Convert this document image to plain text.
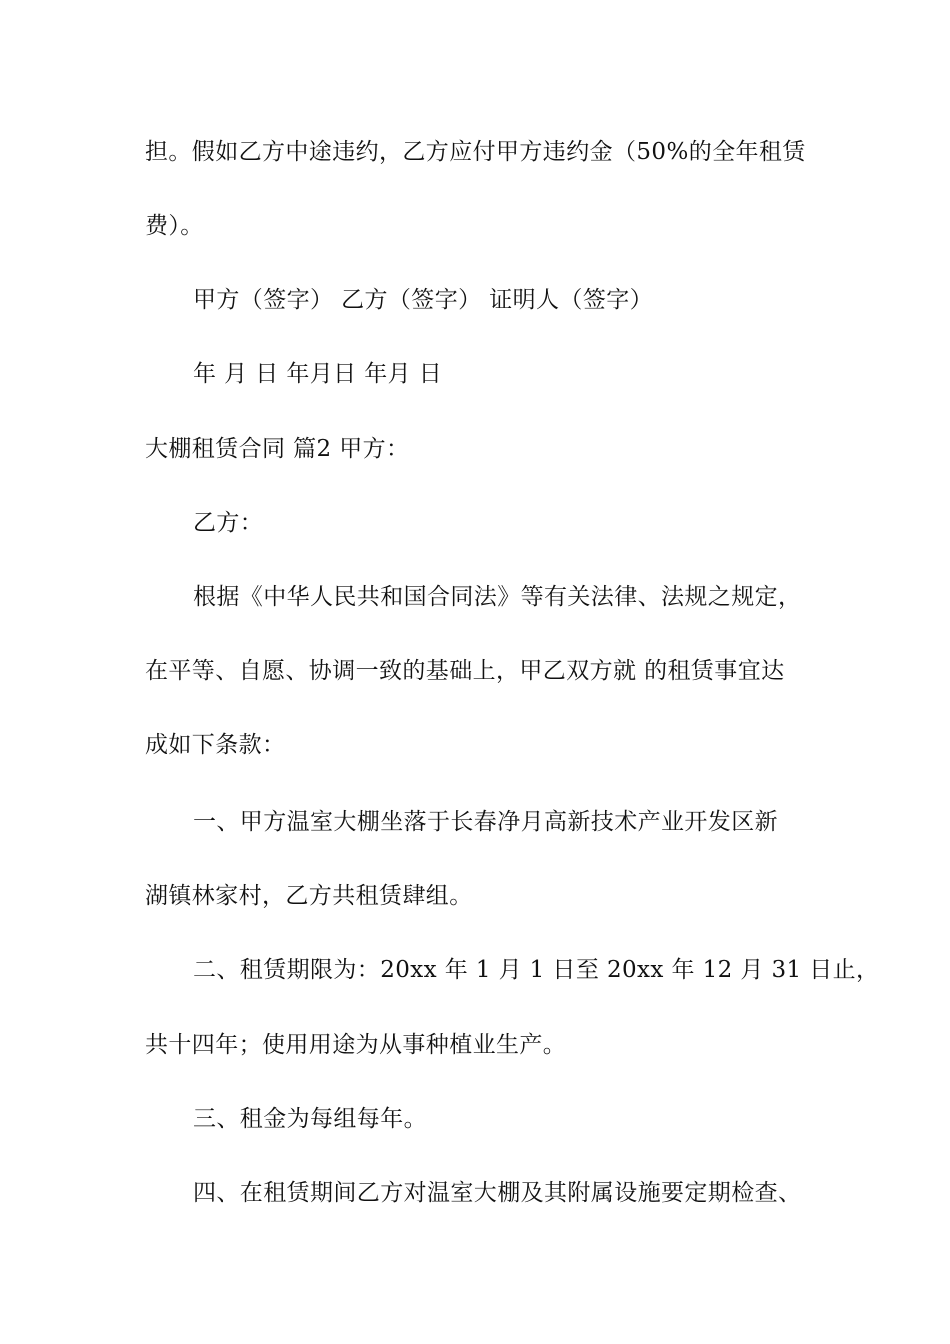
担。假如乙方中途违约，乙方应付甲方违约金（50%的全年租赁
费）。
甲方（签字） 乙方（签字） 证明人（签字）
年 月 日 年月日 年月 日
大棚租赁合同 篇2 甲方：
乙方：
根据《中华人民共和国合同法》等有关法律、法规之规定，
在平等、自愿、协调一致的基础上，甲乙双方就 的租赁事宜达
成如下条款：
一、甲方温室大棚坐落于长春净月高新技术产业开发区新
湖镇林家村，乙方共租赁肆组。
二、租赁期限为：20xx 年 1 月 1 日至 20xx 年 12 月 31 日止，
共十四年；使用用途为从事种植业生产。
三、租金为每组每年。
四、在租赁期间乙方对温室大棚及其附属设施要定期检查、
